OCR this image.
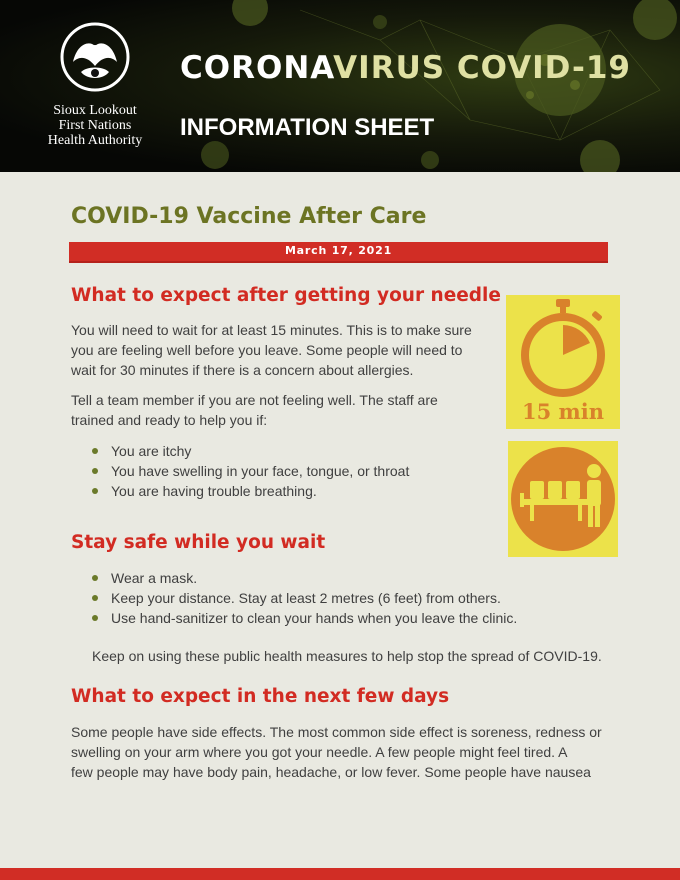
Sioux Lookout
First Nations
Health Authority
CORONAVIRUS COVID-19
INFORMATION SHEET
COVID-19 Vaccine After Care
March 17, 2021
What to expect after getting your needle

You will need to wait for at least 15 minutes. This is to make sure
you are feeling well before you leave. Some people will need to
wait for 30 minutes if there is a concern about allergies.

Tell a team member if you are not feeling well. The staff are
trained and ready to help you if:

You are itchy
You have swelling in your face, tongue, or throat
You are having trouble breathing.
15 min
Stay safe while you wait
Wear a mask.
Keep your distance. Stay at least 2 metres (6 feet) from others.
Use hand-sanitizer to clean your hands when you leave the clinic.

Keep on using these public health measures to help stop the spread of COVID-19.

What to expect in the next few days

Some people have side effects. The most common side effect is soreness, redness or
swelling on your arm where you got your needle. A few people might feel tired. A
few people may have body pain, headache, or low fever. Some people have nausea
